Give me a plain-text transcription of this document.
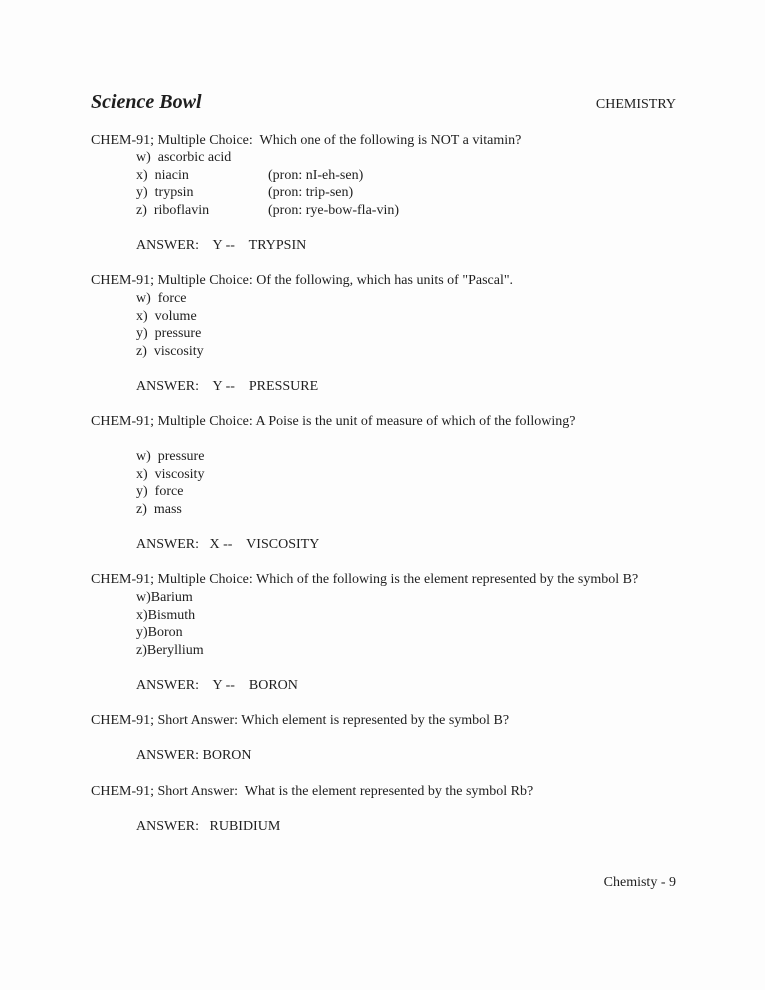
Science Bowl	CHEMISTRY
CHEM-91; Multiple Choice:  Which one of the following is NOT a vitamin?
w)  ascorbic acid
x)  niacin	(pron: nI-eh-sen)
y)  trypsin	(pron: trip-sen)
z)  riboflavin	(pron: rye-bow-fla-vin)
ANSWER:    Y --    TRYPSIN
CHEM-91; Multiple Choice: Of the following, which has units of "Pascal".
w)  force
x)  volume
y)  pressure
z)  viscosity
ANSWER:    Y --    PRESSURE
CHEM-91; Multiple Choice: A Poise is the unit of measure of which of the following?
w)  pressure
x)  viscosity
y)  force
z)  mass
ANSWER:   X --    VISCOSITY
CHEM-91; Multiple Choice: Which of the following is the element represented by the symbol B?
w)Barium
x)Bismuth
y)Boron
z)Beryllium
ANSWER:    Y --    BORON
CHEM-91; Short Answer: Which element is represented by the symbol B?
ANSWER: BORON
CHEM-91; Short Answer:  What is the element represented by the symbol Rb?
ANSWER:   RUBIDIUM
Chemisty - 9
